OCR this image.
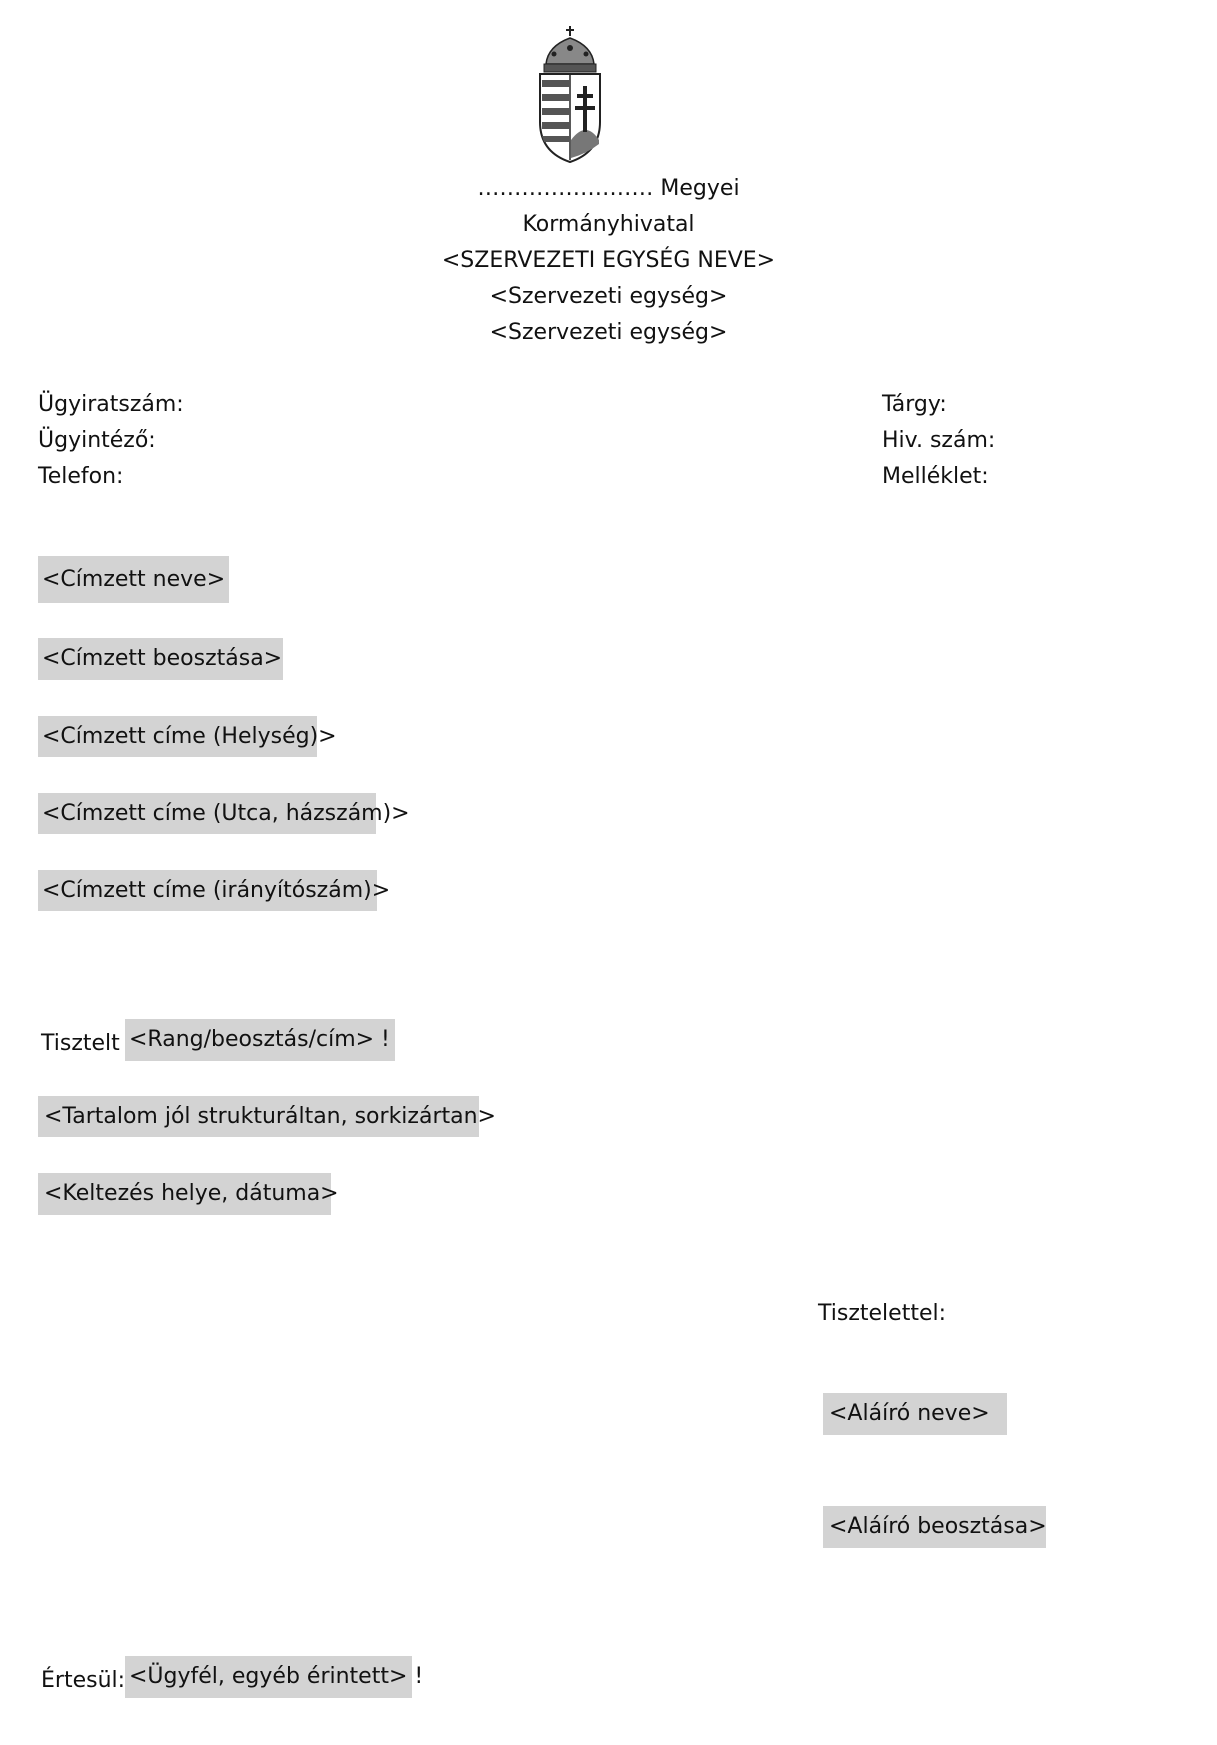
…………………… Megyei
Kormányhivatal
<SZERVEZETI EGYSÉG NEVE>
<Szervezeti egység>
<Szervezeti egység>
Ügyiratszám:
Ügyintéző:
Telefon:
Tárgy:
Hiv. szám:
Melléklet:
<Címzett neve>
<Címzett beosztása>
<Címzett címe (Helység)>
<Címzett címe (Utca, házszám)>
<Címzett címe (irányítószám)>
Tisztelt <Rang/beosztás/cím> !
<Tartalom jól strukturáltan, sorkizártan>
<Keltezés helye, dátuma>
Tisztelettel:
<Aláíró neve>
<Aláíró beosztása>
Értesül: <Ügyfél, egyéb érintett> !
